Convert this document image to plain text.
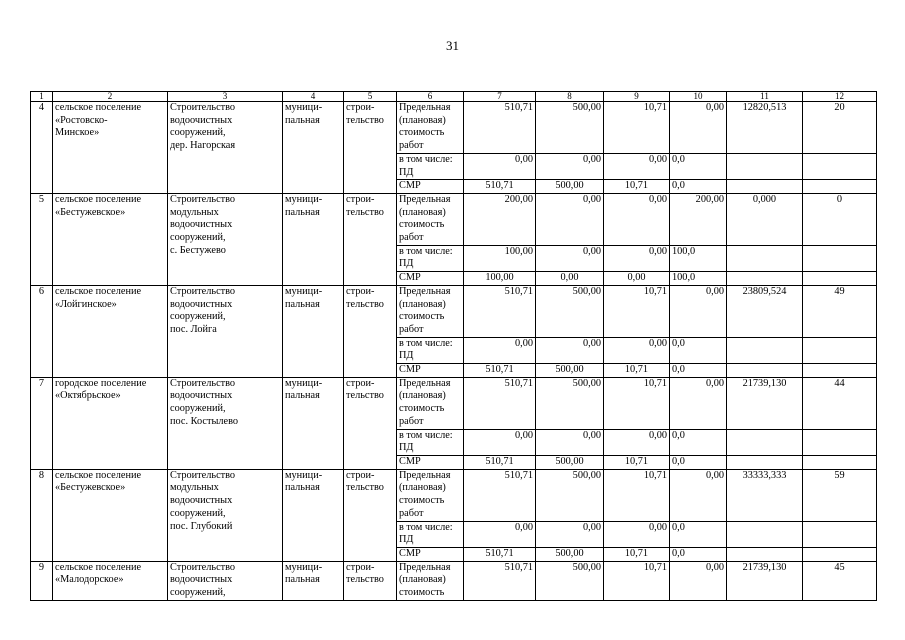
31
1	2	3	4	5	6	7	8	9	10	11	12
4	сельское поселение
«Ростовско-
Минское»	Строительство
водоочистных
сооружений,
дер. Нагорская	муници-
пальная	строи-
тельство	Предельная
(плановая)
стоимость
работ	510,71	500,00	10,71	0,00	12820,513	20

					в том числе:
ПД	0,00	0,00	0,00	0,0		
					СМР	510,71	500,00	10,71	0,0		
5	сельское поселение
«Бестужевское»	Строительство
модульных
водоочистных
сооружений,
с. Бестужево	муници-
пальная	строи-
тельство	Предельная
(плановая)
стоимость
работ	200,00	0,00	0,00	200,00	0,000	0

					в том числе:
ПД	100,00	0,00	0,00	100,0		
					СМР	100,00	0,00	0,00	100,0		
6	сельское поселение
«Лойгинское»	Строительство
водоочистных
сооружений,
пос. Лойга	муници-
пальная	строи-
тельство	Предельная
(плановая)
стоимость
работ	510,71	500,00	10,71	0,00	23809,524	49

					в том числе:
ПД	0,00	0,00	0,00	0,0		
					СМР	510,71	500,00	10,71	0,0		
7	городское поселение
«Октябрьское»	Строительство
водоочистных
сооружений,
пос. Костылево	муници-
пальная	строи-
тельство	Предельная
(плановая)
стоимость
работ	510,71	500,00	10,71	0,00	21739,130	44

					в том числе:
ПД	0,00	0,00	0,00	0,0		
					СМР	510,71	500,00	10,71	0,0		
8	сельское поселение
«Бестужевское»	Строительство
модульных
водоочистных
сооружений,
пос. Глубокий	муници-
пальная	строи-
тельство	Предельная
(плановая)
стоимость
работ	510,71	500,00	10,71	0,00	33333,333	59

					в том числе:
ПД	0,00	0,00	0,00	0,0		
					СМР	510,71	500,00	10,71	0,0		
9	сельское поселение
«Малодорское»	Строительство
водоочистных
сооружений,	муници-
пальная	строи-
тельство	Предельная
(плановая)
стоимость	510,71	500,00	10,71	0,00	21739,130	45
